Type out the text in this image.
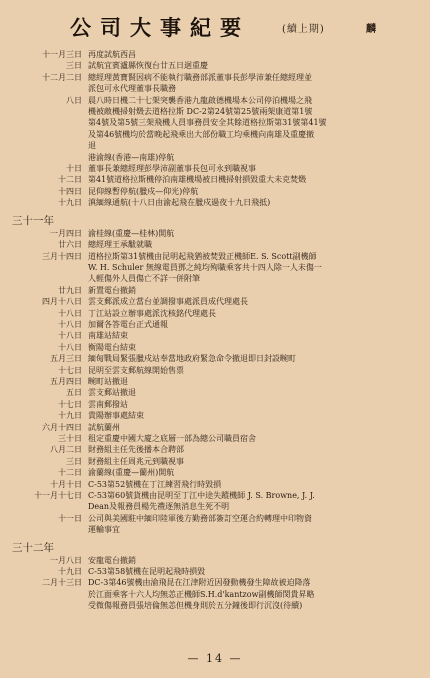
公司大事紀要	(續上期)	麟
十一月三日 再度試航西昌
三日 試航宜賓瀘縣恢復台廿五日迴重慶
十二月二日 總經理黃寶賢因病不能執行職務部派董事長彭學沛兼任總經理並
派包可永代理董事長職務
八日 晨八時日機二十七架突襲香港九龍啟德機場本公司停泊機場之飛
機被敵機掃射燬去道格拉斯 DC-2第24號第25號兩架康道第1號
第4號及第5號三架飛機人員事務員安全其餘道格拉斯第31號第41號
及第46號機均於當晚起飛乘出大部份職工均乘機向南雄及重慶撤
退
港渝線(香港—南雄)停航
十日 董事長兼總經理彭學沛副董事長包可永到職視事
十二日 第41號道格拉斯機停泊南雄機場被日機掃射損毀重大未克焚燬
十四日 昆仰線暫停航(臘戍—仰光)停航
十九日 滇緬線通航(十八日由渝起飛在臘戍過夜十九日飛抵)
三十一年
一月四日 渝桂線(重慶—桂林)開航
廿六日 總經理王承黻就職
三月十四日 道格拉斯第31號機由昆明起飛猶被焚毀正機師E. S. Scott副機師
W. H. Schuler 無線電員鄧之純均殉職乘客共十四人除一人未傷一
人輕傷外人員傷亡不詳一併附筆
廿九日 新置電台撤銷
四月十八日 雲支郵派成立當台並調撥事處派員成代理處長
十八日 丁江站設立辦事處派沈核銘代理處長
十八日 加爾各答電台正式通報
十八日 南雄站結束
十八日 衡陽電台結束
五月三日 緬甸戰局緊張臘戍站奉當地政府緊急命令撤退即日封設畹町
十七日 昆明至雲支郵航線開始售票
五月四日 畹町站撤退
五日 雲支郵站撤退
十七日 雲南郵撥站
十九日 貴陽辦事處結束
六月十四日 試航蘭州
三十日 租定重慶中國大廈之底層一部為總公司職員宿舍
八月二日 財務組主任先後播本合聘部
三日 財務組主任周兆元到職視事
十二日 渝蘭線(重慶—蘭州)開航
十月十日 C-53第52號機在丁江練習飛行時毀損
十一月十七日 C-53第60號貨機由昆明至丁江中途失蹤機師 J. S. Browne, J. J.
Dean及報務員楊先禮逐無消息生死不明
十一日 公司與美國駐中緬印陸軍後方勤務部簽訂空運合約轉理中印物資
運輸事宜
三十二年
一月八日 安龍電台撤銷
十九日 C-53第58號機在昆明起飛時損毀
二月十三日 DC-3第46號機由渝飛昆在江津附近因發動機發生障故被迫降落
於江面乘客十六人均無恙正機師S.H.d'kantzow副機師閔貴昇略
受微傷報務員張培倫無恙但機身則於五分鐘後即行沉沒(待續)
— 14 —
